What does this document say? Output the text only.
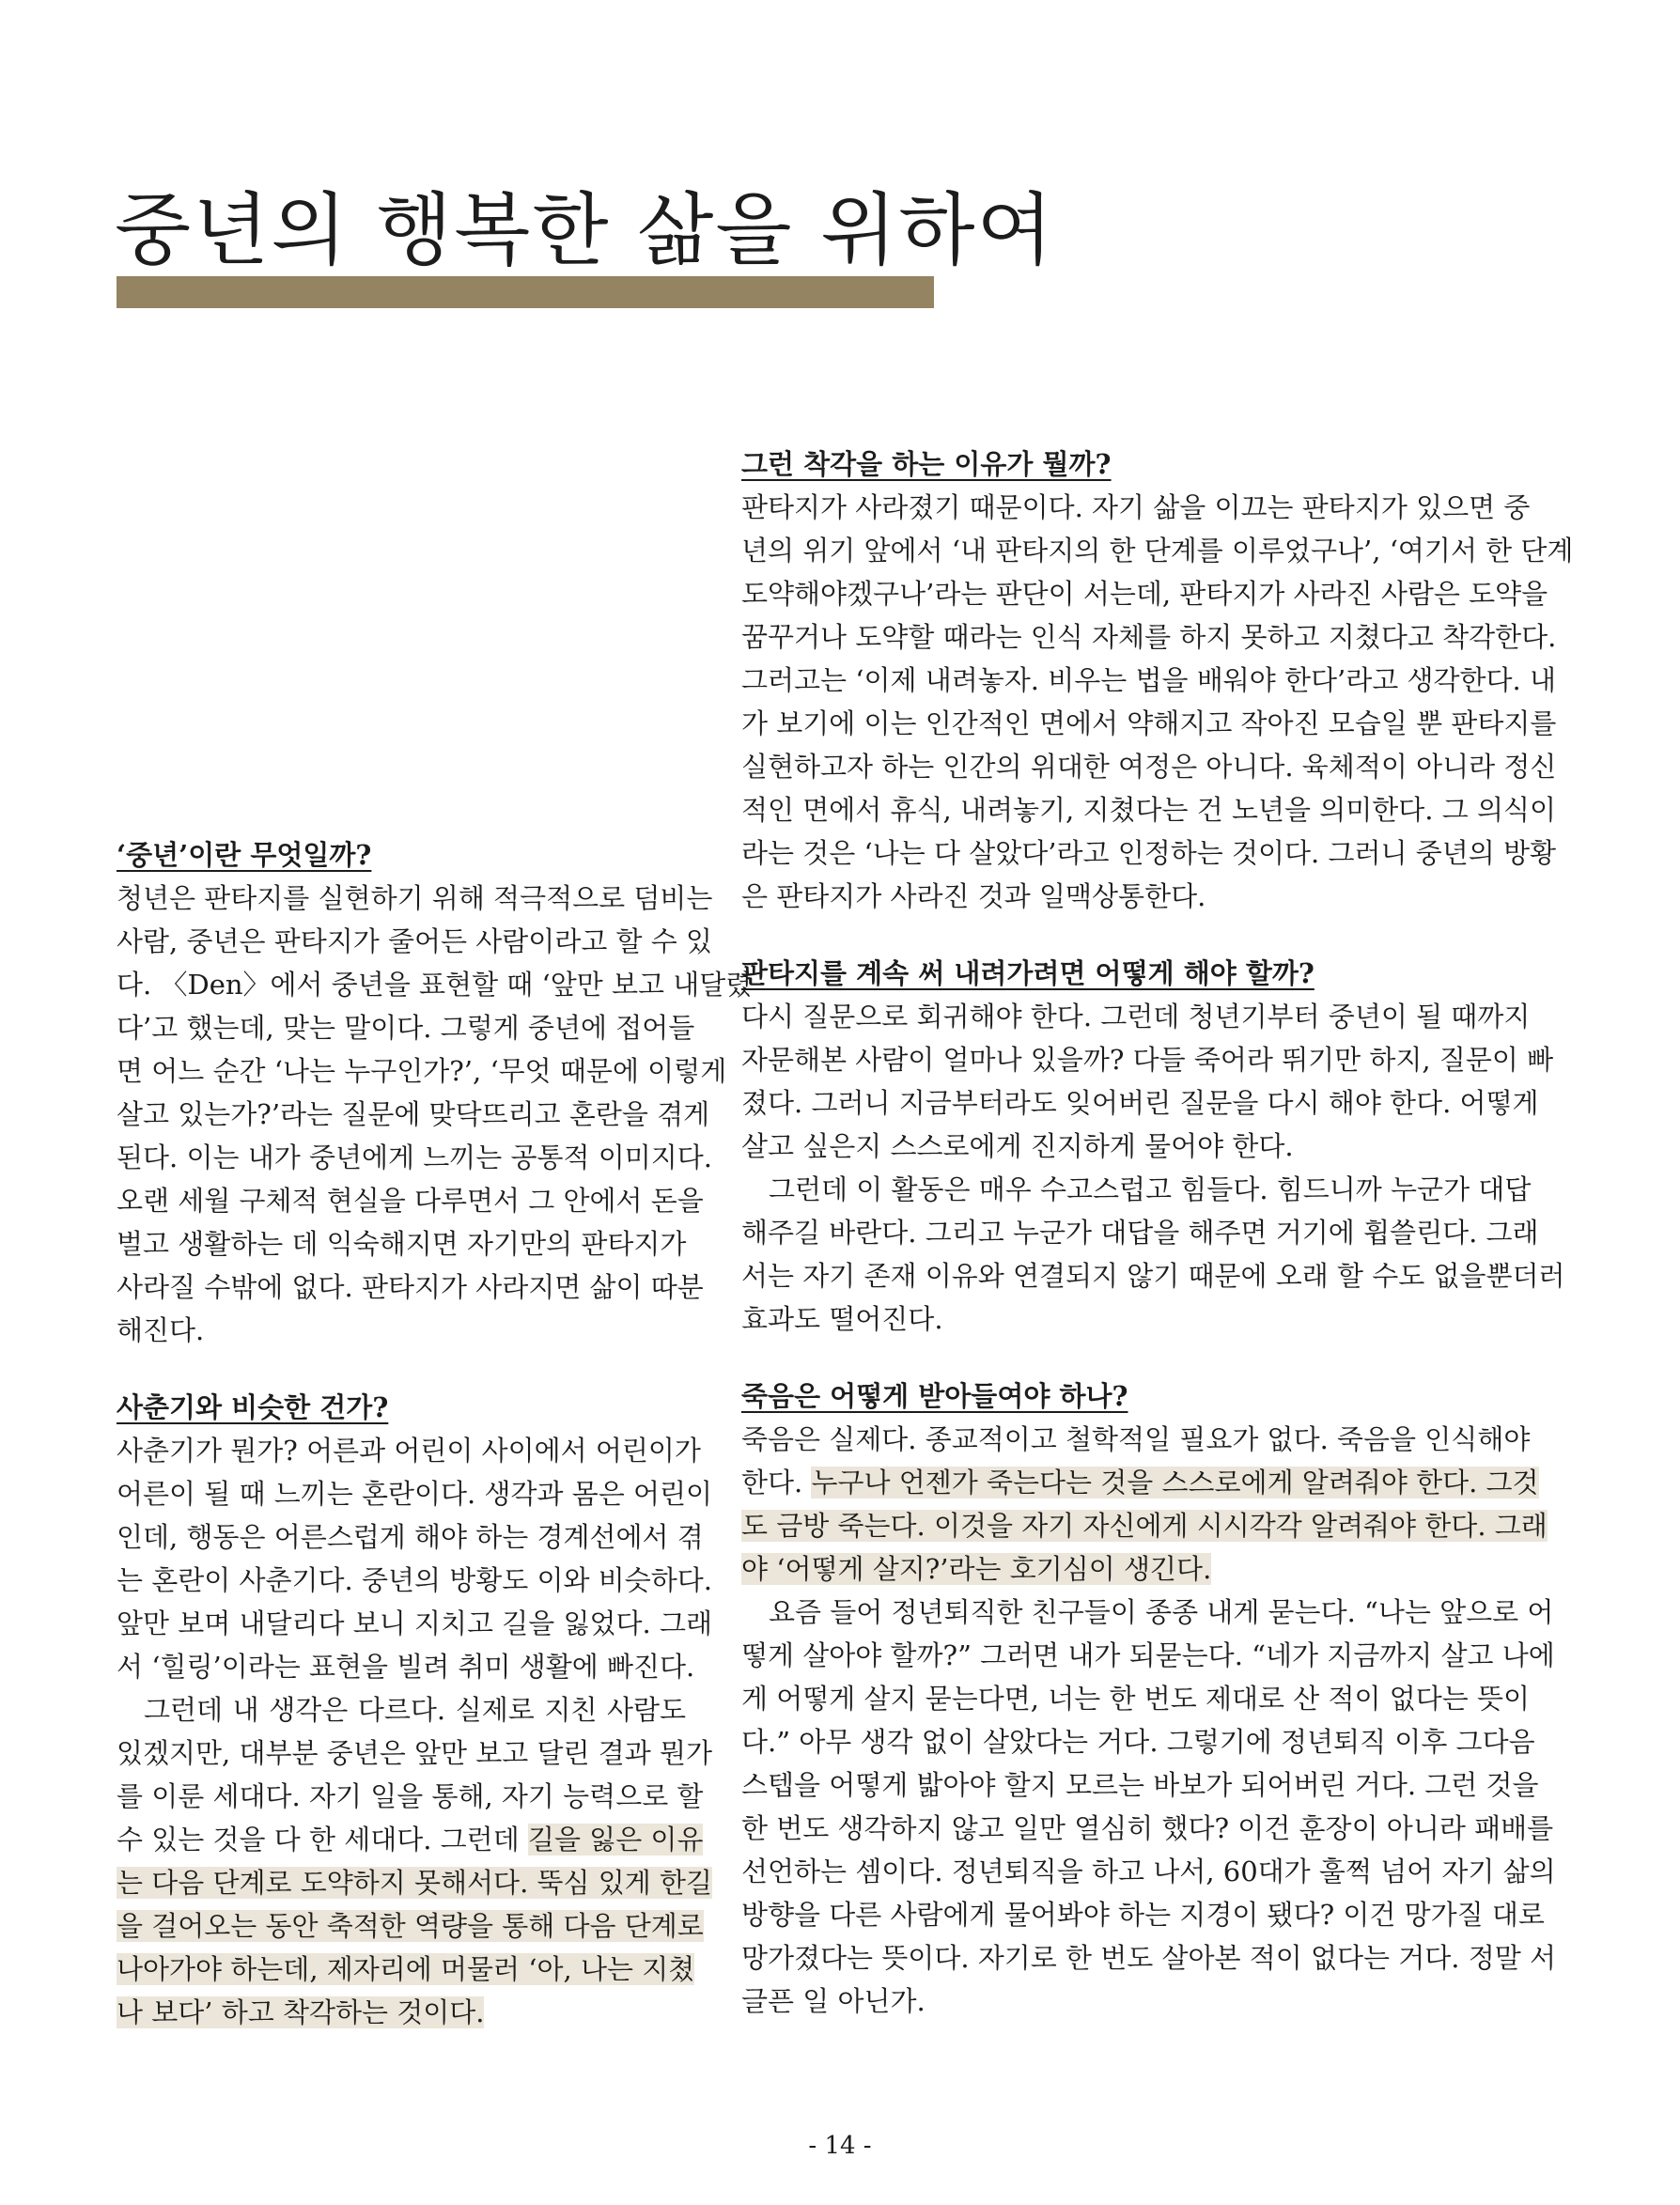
중년의 행복한 삶을 위하여
‘중년’이란 무엇일까?
청년은 판타지를 실현하기 위해 적극적으로 덤비는
사람, 중년은 판타지가 줄어든 사람이라고 할 수 있
다. 〈Den〉에서 중년을 표현할 때 ‘앞만 보고 내달렸
다’고 했는데, 맞는 말이다. 그렇게 중년에 접어들
면 어느 순간 ‘나는 누구인가?’, ‘무엇 때문에 이렇게
살고 있는가?’라는 질문에 맞닥뜨리고 혼란을 겪게
된다. 이는 내가 중년에게 느끼는 공통적 이미지다.
오랜 세월 구체적 현실을 다루면서 그 안에서 돈을
벌고 생활하는 데 익숙해지면 자기만의 판타지가
사라질 수밖에 없다. 판타지가 사라지면 삶이 따분
해진다.
사춘기와 비슷한 건가?
사춘기가 뭔가? 어른과 어린이 사이에서 어린이가
어른이 될 때 느끼는 혼란이다. 생각과 몸은 어린이
인데, 행동은 어른스럽게 해야 하는 경계선에서 겪
는 혼란이 사춘기다. 중년의 방황도 이와 비슷하다.
앞만 보며 내달리다 보니 지치고 길을 잃었다. 그래
서 ‘힐링’이라는 표현을 빌려 취미 생활에 빠진다.
그런데 내 생각은 다르다. 실제로 지친 사람도
있겠지만, 대부분 중년은 앞만 보고 달린 결과 뭔가
를 이룬 세대다. 자기 일을 통해, 자기 능력으로 할
수 있는 것을 다 한 세대다. 그런데 길을 잃은 이유
는 다음 단계로 도약하지 못해서다. 뚝심 있게 한길
을 걸어오는 동안 축적한 역량을 통해 다음 단계로
나아가야 하는데, 제자리에 머물러 ‘아, 나는 지쳤
나 보다’ 하고 착각하는 것이다.
그런 착각을 하는 이유가 뭘까?
판타지가 사라졌기 때문이다. 자기 삶을 이끄는 판타지가 있으면 중
년의 위기 앞에서 ‘내 판타지의 한 단계를 이루었구나’, ‘여기서 한 단계
도약해야겠구나’라는 판단이 서는데, 판타지가 사라진 사람은 도약을
꿈꾸거나 도약할 때라는 인식 자체를 하지 못하고 지쳤다고 착각한다.
그러고는 ‘이제 내려놓자. 비우는 법을 배워야 한다’라고 생각한다. 내
가 보기에 이는 인간적인 면에서 약해지고 작아진 모습일 뿐 판타지를
실현하고자 하는 인간의 위대한 여정은 아니다. 육체적이 아니라 정신
적인 면에서 휴식, 내려놓기, 지쳤다는 건 노년을 의미한다. 그 의식이
라는 것은 ‘나는 다 살았다’라고 인정하는 것이다. 그러니 중년의 방황
은 판타지가 사라진 것과 일맥상통한다.
판타지를 계속 써 내려가려면 어떻게 해야 할까?
다시 질문으로 회귀해야 한다. 그런데 청년기부터 중년이 될 때까지
자문해본 사람이 얼마나 있을까? 다들 죽어라 뛰기만 하지, 질문이 빠
졌다. 그러니 지금부터라도 잊어버린 질문을 다시 해야 한다. 어떻게
살고 싶은지 스스로에게 진지하게 물어야 한다.
그런데 이 활동은 매우 수고스럽고 힘들다. 힘드니까 누군가 대답
해주길 바란다. 그리고 누군가 대답을 해주면 거기에 휩쓸린다. 그래
서는 자기 존재 이유와 연결되지 않기 때문에 오래 할 수도 없을뿐더러
효과도 떨어진다.
죽음은 어떻게 받아들여야 하나?
죽음은 실제다. 종교적이고 철학적일 필요가 없다. 죽음을 인식해야
한다. 누구나 언젠가 죽는다는 것을 스스로에게 알려줘야 한다. 그것
도 금방 죽는다. 이것을 자기 자신에게 시시각각 알려줘야 한다. 그래
야 ‘어떻게 살지?’라는 호기심이 생긴다.
요즘 들어 정년퇴직한 친구들이 종종 내게 묻는다. “나는 앞으로 어
떻게 살아야 할까?” 그러면 내가 되묻는다. “네가 지금까지 살고 나에
게 어떻게 살지 묻는다면, 너는 한 번도 제대로 산 적이 없다는 뜻이
다.” 아무 생각 없이 살았다는 거다. 그렇기에 정년퇴직 이후 그다음
스텝을 어떻게 밟아야 할지 모르는 바보가 되어버린 거다. 그런 것을
한 번도 생각하지 않고 일만 열심히 했다? 이건 훈장이 아니라 패배를
선언하는 셈이다. 정년퇴직을 하고 나서, 60대가 훌쩍 넘어 자기 삶의
방향을 다른 사람에게 물어봐야 하는 지경이 됐다? 이건 망가질 대로
망가졌다는 뜻이다. 자기로 한 번도 살아본 적이 없다는 거다. 정말 서
글픈 일 아닌가.
- 14 -
